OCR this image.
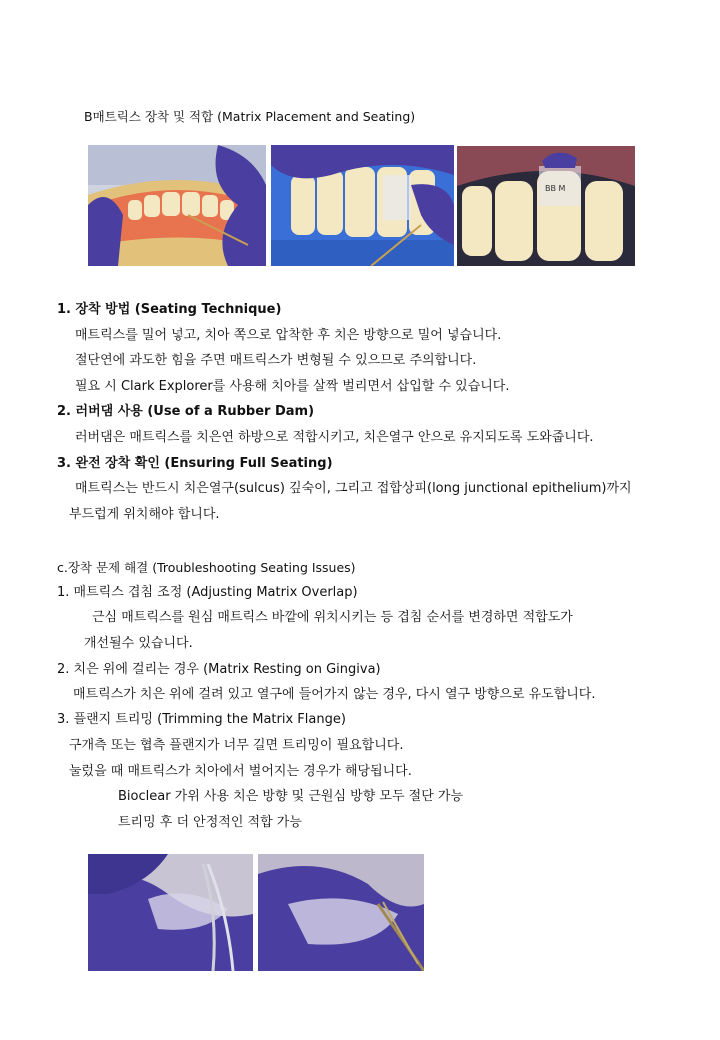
B매트릭스 장착 및 적합 (Matrix Placement and Seating)
BB M
1. 장착 방법 (Seating Technique)
매트릭스를 밀어 넣고, 치아 쪽으로 압착한 후 치은 방향으로 밀어 넣습니다.
절단연에 과도한 힘을 주면 매트릭스가 변형될 수 있으므로 주의합니다.
필요 시 Clark Explorer를 사용해 치아를 살짝 벌리면서 삽입할 수 있습니다.
2. 러버댐 사용 (Use of a Rubber Dam)
러버댐은 매트릭스를 치은연 하방으로 적합시키고, 치은열구 안으로 유지되도록 도와줍니다.
3. 완전 장착 확인 (Ensuring Full Seating)
매트릭스는 반드시 치은열구(sulcus) 깊숙이, 그리고 접합상피(long junctional epithelium)까지
부드럽게 위치해야 합니다.
c.장착 문제 해결 (Troubleshooting Seating Issues)
1. 매트릭스 겹침 조정 (Adjusting Matrix Overlap)
근심 매트릭스를 원심 매트릭스 바깥에 위치시키는 등 겹침 순서를 변경하면 적합도가
개선될수 있습니다.
2. 치은 위에 걸리는 경우 (Matrix Resting on Gingiva)
매트릭스가 치은 위에 걸려 있고 열구에 들어가지 않는 경우, 다시 열구 방향으로 유도합니다.
3. 플랜지 트리밍 (Trimming the Matrix Flange)
구개측 또는 협측 플랜지가 너무 길면 트리밍이 필요합니다.
눌렀을 때 매트릭스가 치아에서 벌어지는 경우가 해당됩니다.
Bioclear 가위 사용 치은 방향 및 근원심 방향 모두 절단 가능
트리밍 후 더 안정적인 적합 가능
